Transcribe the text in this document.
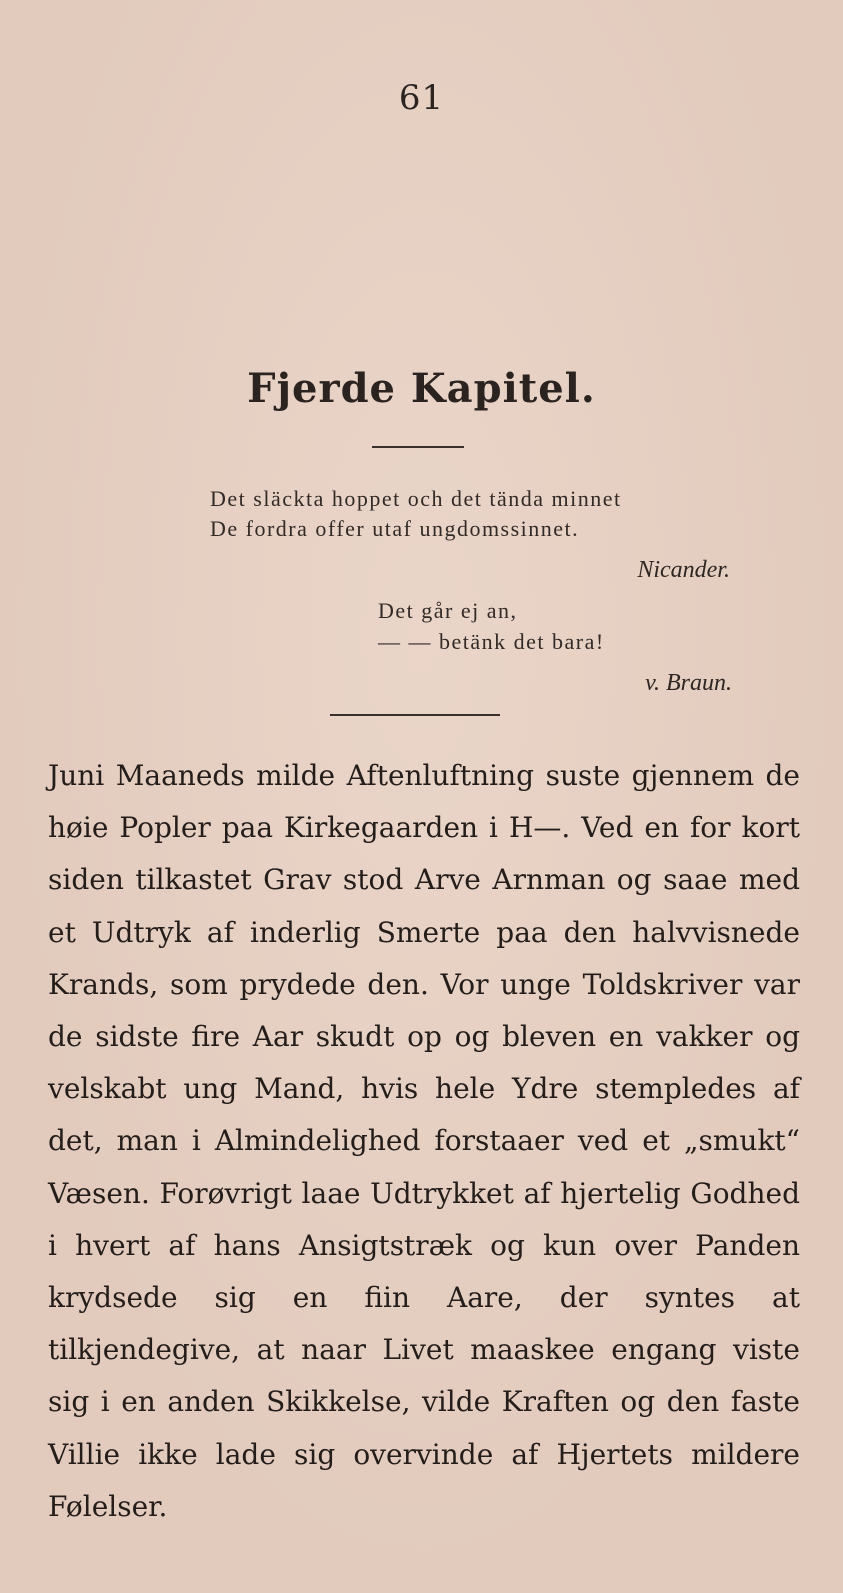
61
Fjerde Kapitel.
Det släckta hoppet och det tända minnet
De fordra offer utaf ungdomssinnet.
Nicander.
Det går ej an,
— — betänk det bara!
v. Braun.
Juni Maaneds milde Aftenluftning suste gjennem de høie Popler paa Kirkegaarden i H—. Ved en for kort siden tilkastet Grav stod Arve Arnman og saae med et Udtryk af inderlig Smerte paa den halvvisnede Krands, som prydede den. Vor unge Toldskriver var de sidste fire Aar skudt op og bleven en vakker og velskabt ung Mand, hvis hele Ydre stempledes af det, man i Almindelighed forstaaer ved et „smukt“ Væsen. Forøvrigt laae Udtrykket af hjertelig Godhed i hvert af hans Ansigtstræk og kun over Panden krydsede sig en fiin Aare, der syntes at tilkjendegive, at naar Livet maaskee engang viste sig i en anden Skikkelse, vilde Kraften og den faste Villie ikke lade sig overvinde af Hjertets mildere Følelser.
